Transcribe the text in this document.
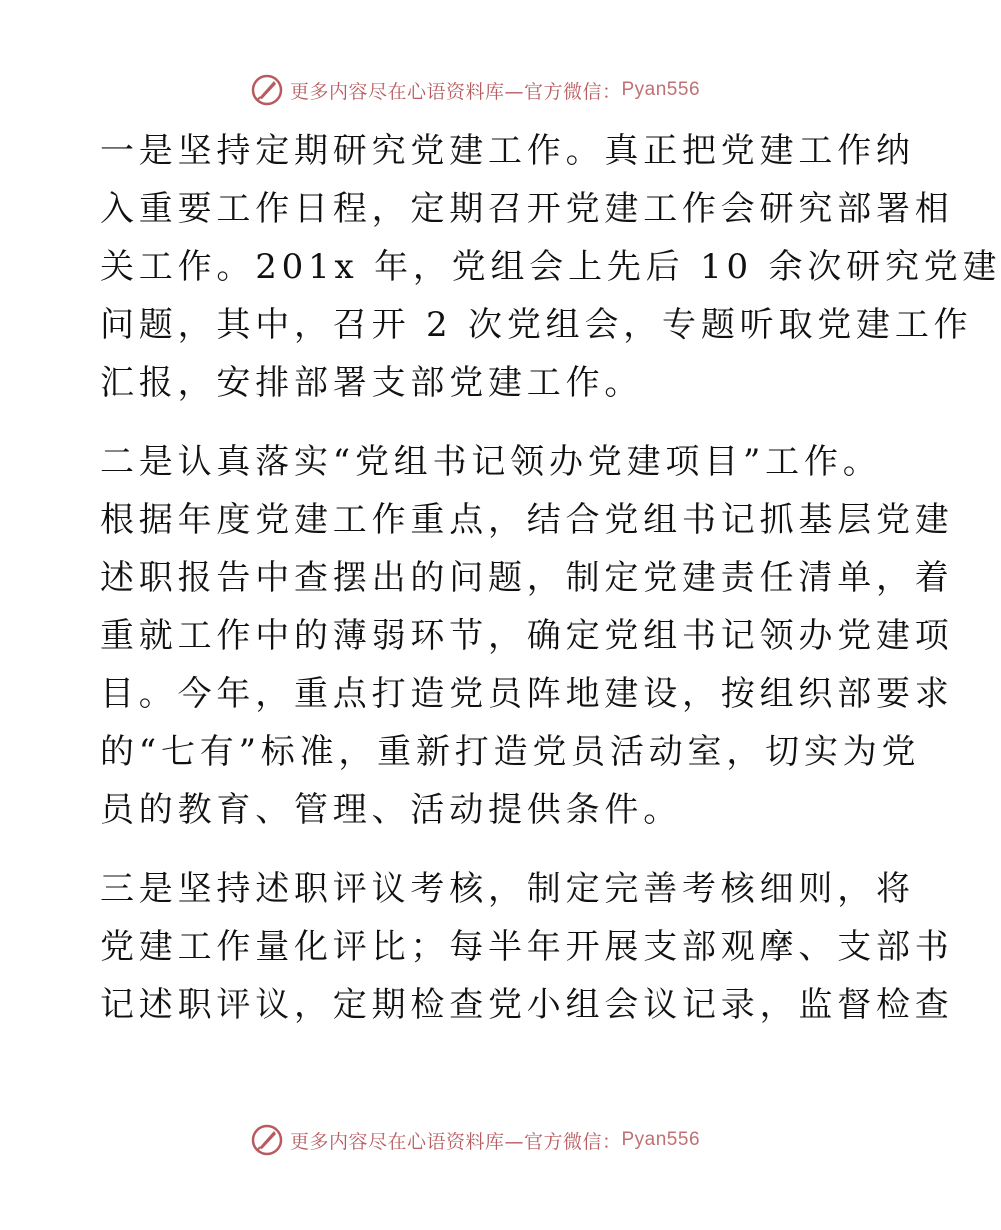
更多内容尽在心语资料库—官方微信： Pyan556
一是坚持定期研究党建工作。真正把党建工作纳
入重要工作日程，定期召开党建工作会研究部署相
关工作。201x 年，党组会上先后 10 余次研究党建
问题，其中，召开 2 次党组会，专题听取党建工作
汇报，安排部署支部党建工作。
二是认真落实“党组书记领办党建项目”工作。
根据年度党建工作重点，结合党组书记抓基层党建
述职报告中查摆出的问题，制定党建责任清单，着
重就工作中的薄弱环节，确定党组书记领办党建项
目。今年，重点打造党员阵地建设，按组织部要求
的“七有”标准，重新打造党员活动室，切实为党
员的教育、管理、活动提供条件。
三是坚持述职评议考核，制定完善考核细则，将
党建工作量化评比；每半年开展支部观摩、支部书
记述职评议，定期检查党小组会议记录，监督检查
更多内容尽在心语资料库—官方微信： Pyan556
